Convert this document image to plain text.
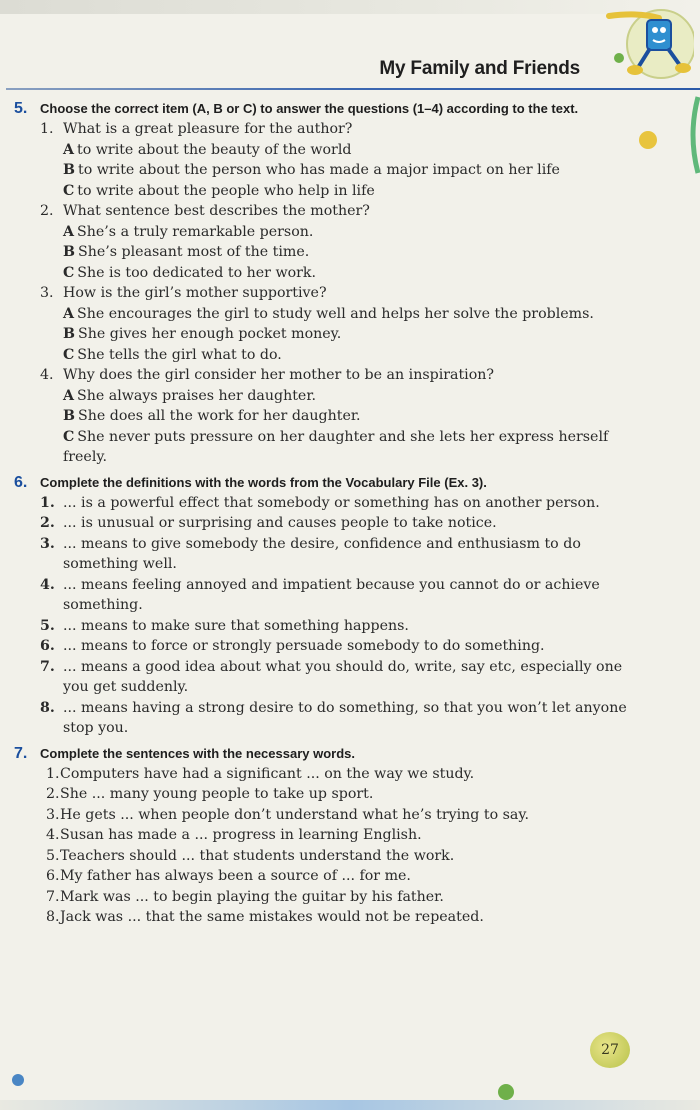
My Family and Friends
5. Choose the correct item (A, B or C) to answer the questions (1–4) according to the text.
1. What is a great pleasure for the author?
A to write about the beauty of the world
B to write about the person who has made a major impact on her life
C to write about the people who help in life
2. What sentence best describes the mother?
A She’s a truly remarkable person.
B She’s pleasant most of the time.
C She is too dedicated to her work.
3. How is the girl’s mother supportive?
A She encourages the girl to study well and helps her solve the problems.
B She gives her enough pocket money.
C She tells the girl what to do.
4. Why does the girl consider her mother to be an inspiration?
A She always praises her daughter.
B She does all the work for her daughter.
C She never puts pressure on her daughter and she lets her express herself freely.
6. Complete the definitions with the words from the Vocabulary File (Ex. 3).
1. ... is a powerful effect that somebody or something has on another person.
2. ... is unusual or surprising and causes people to take notice.
3. ... means to give somebody the desire, confidence and enthusiasm to do something well.
4. ... means feeling annoyed and impatient because you cannot do or achieve something.
5. ... means to make sure that something happens.
6. ... means to force or strongly persuade somebody to do something.
7. ... means a good idea about what you should do, write, say etc, especially one you get suddenly.
8. ... means having a strong desire to do something, so that you won’t let anyone stop you.
7. Complete the sentences with the necessary words.
1. Computers have had a significant ... on the way we study.
2. She ... many young people to take up sport.
3. He gets ... when people don’t understand what he’s trying to say.
4. Susan has made a ... progress in learning English.
5. Teachers should ... that students understand the work.
6. My father has always been a source of ... for me.
7. Mark was ... to begin playing the guitar by his father.
8. Jack was ... that the same mistakes would not be repeated.
27
